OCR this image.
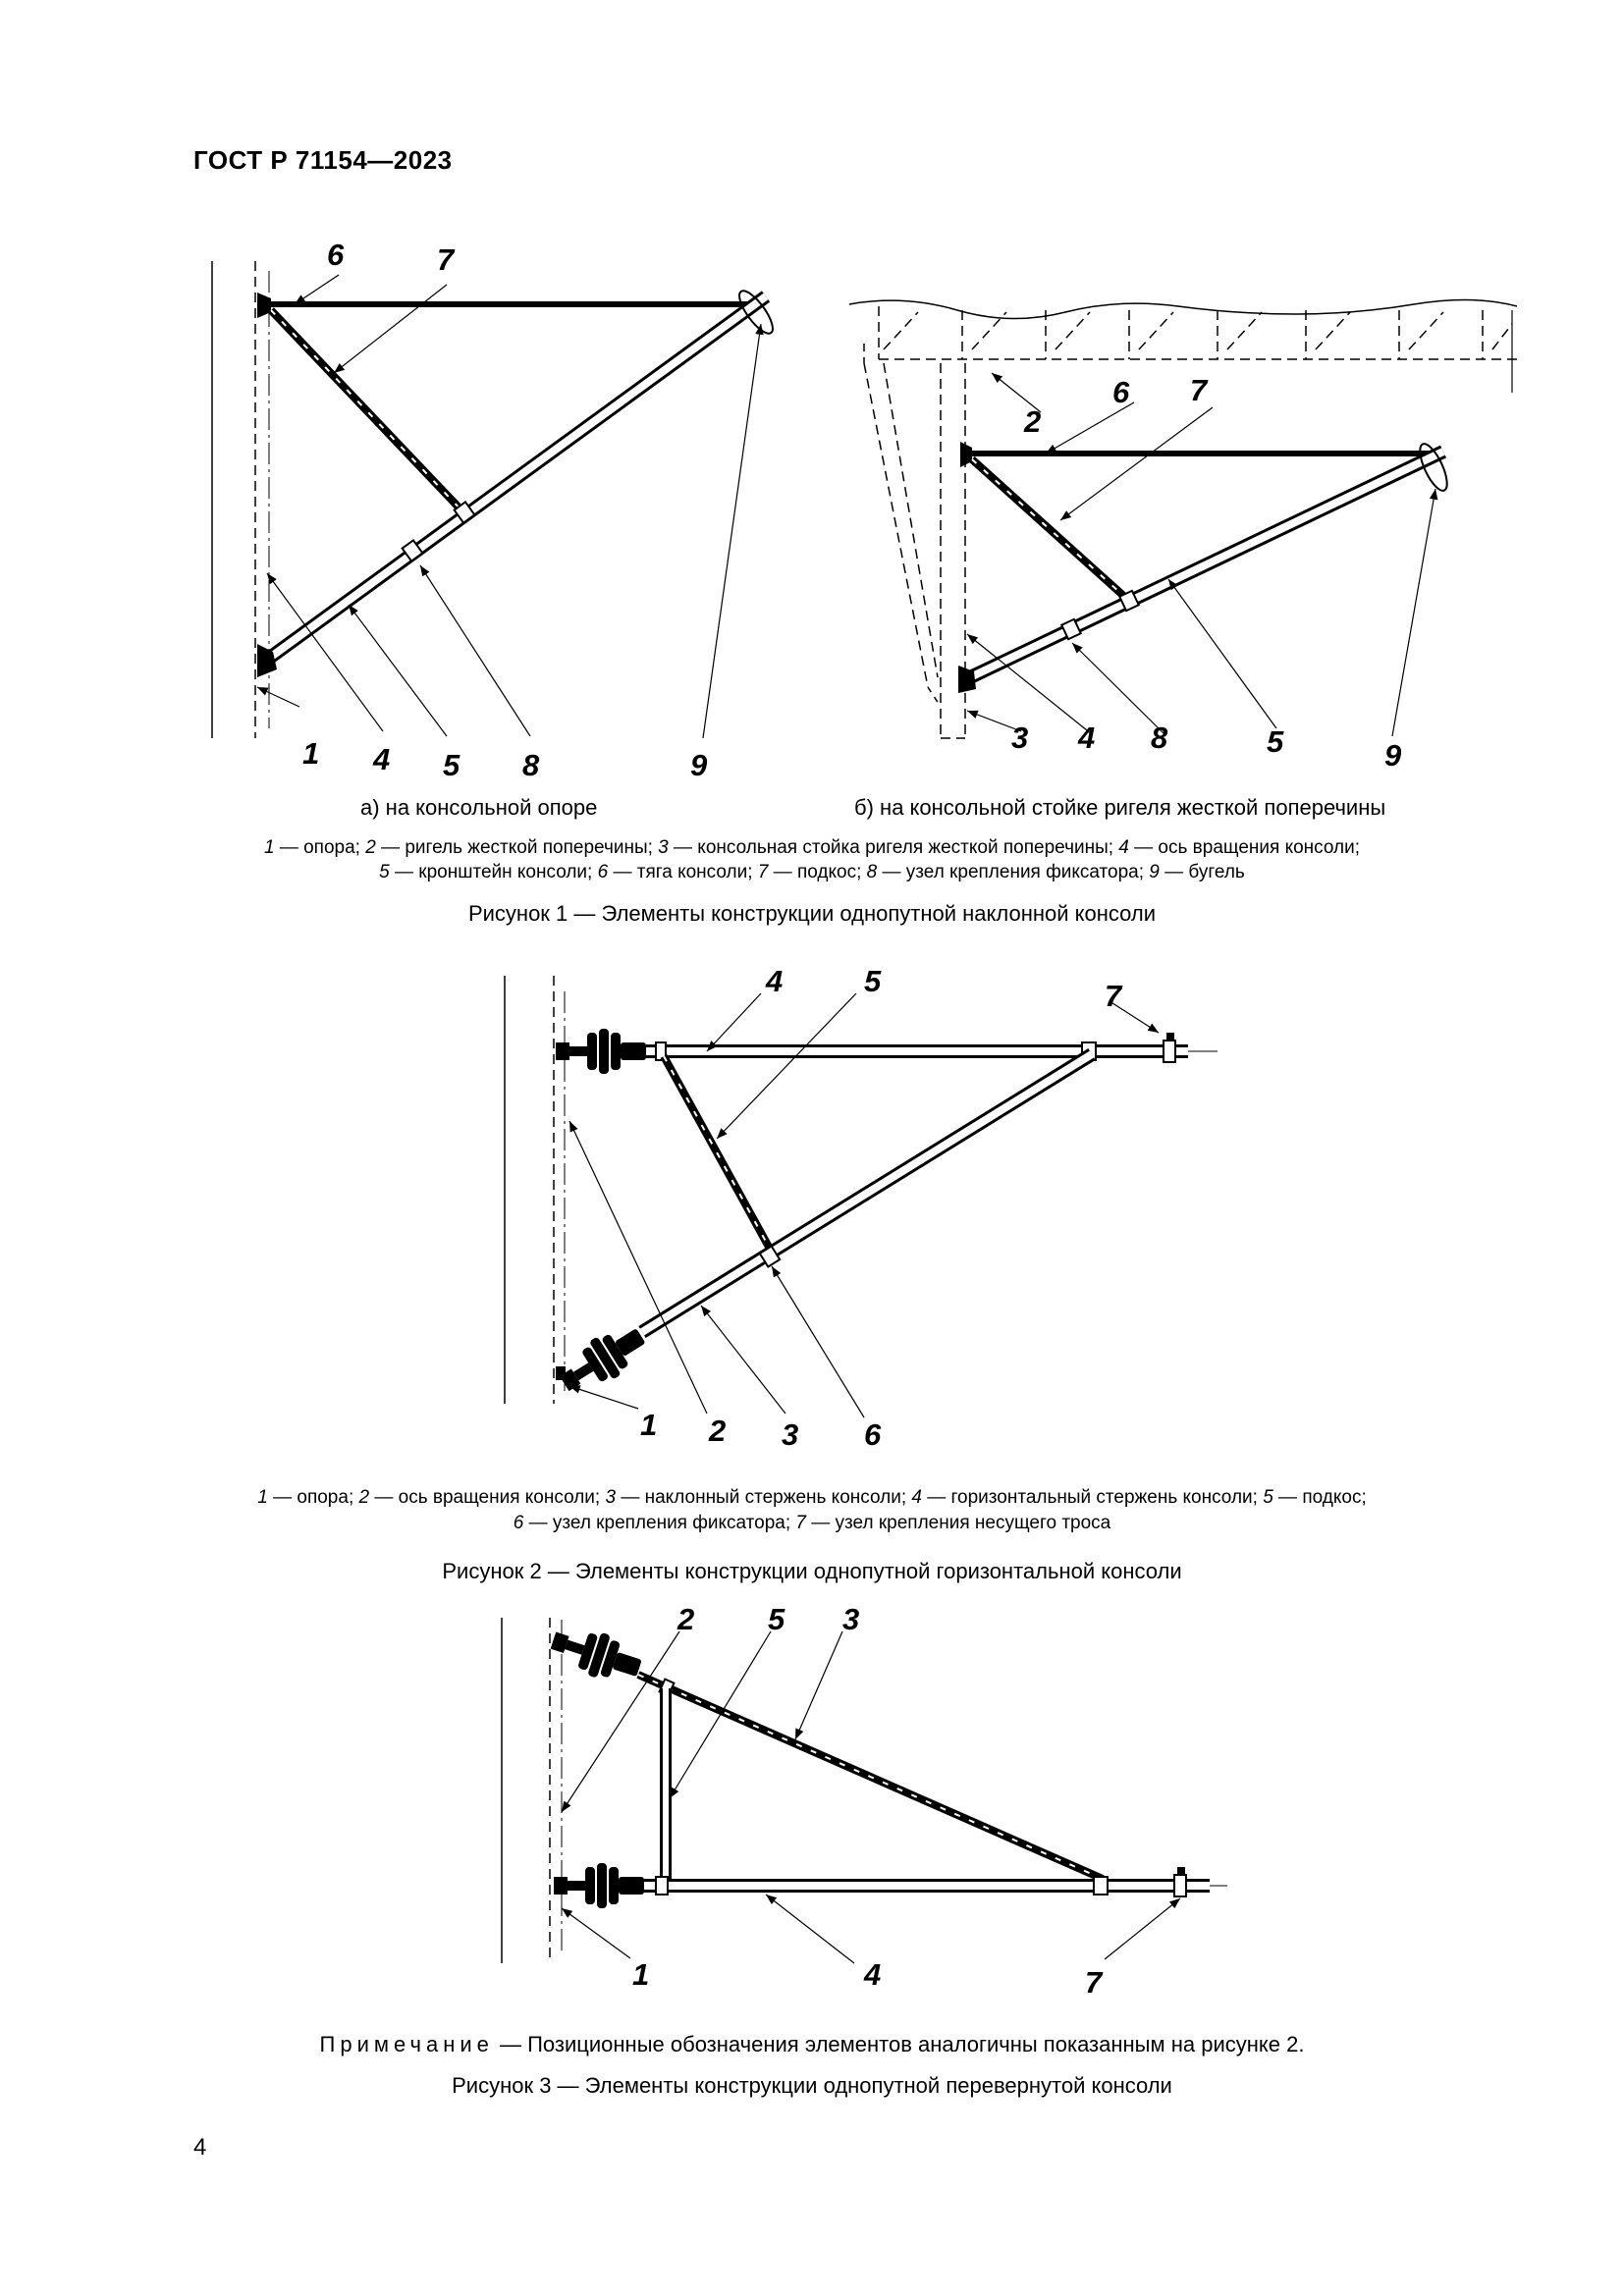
ГОСТ Р 71154—2023
6	7
1 4 5 8	9
2
6 7
3 4 8	5	9
4	5	7
1 2 3 6
2 5 3
1	4	7
а) на консольной опоре	б) на консольной стойке ригеля жесткой поперечины
1 — опора; 2 — ригель жесткой поперечины; 3 — консольная стойка ригеля жесткой поперечины; 4 — ось вращения консоли;
5 — кронштейн консоли; 6 — тяга консоли; 7 — подкос; 8 — узел крепления фиксатора; 9 — бугель
Рисунок 1 — Элементы конструкции однопутной наклонной консоли
1 — опора; 2 — ось вращения консоли; 3 — наклонный стержень консоли; 4 — горизонтальный стержень консоли; 5 — подкос;
6 — узел крепления фиксатора; 7 — узел крепления несущего троса
Рисунок 2 — Элементы конструкции однопутной горизонтальной консоли
Примечание — Позиционные обозначения элементов аналогичны показанным на рисунке 2.
Рисунок 3 — Элементы конструкции однопутной перевернутой консоли
4
